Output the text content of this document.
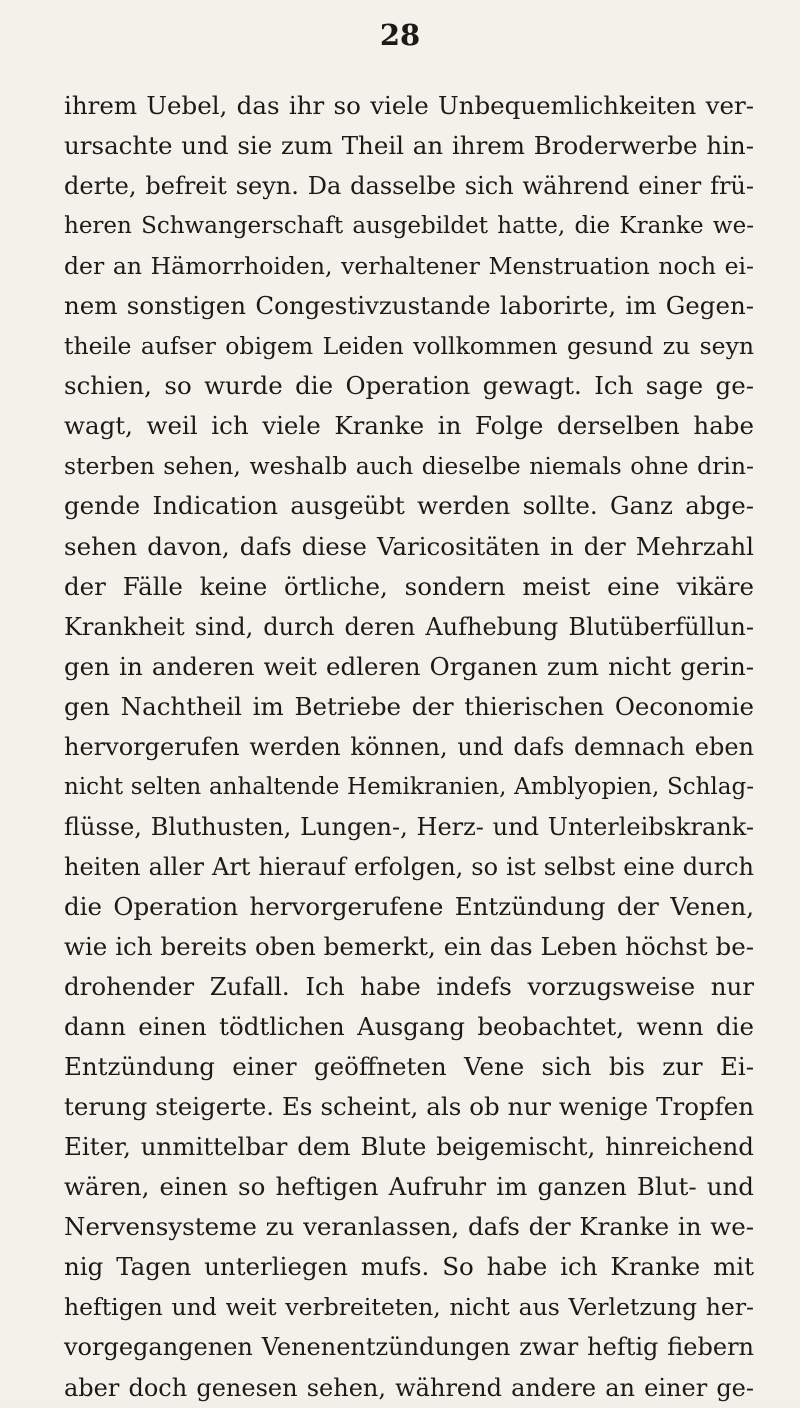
28
ihrem Uebel, das ihr so viele Unbequemlichkeiten ver-
ursachte und sie zum Theil an ihrem Broderwerbe hin-
derte, befreit seyn. Da dasselbe sich während einer frü-
heren Schwangerschaft ausgebildet hatte, die Kranke we-
der an Hämorrhoiden, verhaltener Menstruation noch ei-
nem sonstigen Congestivzustande laborirte, im Gegen-
theile aufser obigem Leiden vollkommen gesund zu seyn
schien, so wurde die Operation gewagt. Ich sage ge-
wagt, weil ich viele Kranke in Folge derselben habe
sterben sehen, weshalb auch dieselbe niemals ohne drin-
gende Indication ausgeübt werden sollte. Ganz abge-
sehen davon, dafs diese Varicositäten in der Mehrzahl
der Fälle keine örtliche, sondern meist eine vikäre
Krankheit sind, durch deren Aufhebung Blutüberfüllun-
gen in anderen weit edleren Organen zum nicht gerin-
gen Nachtheil im Betriebe der thierischen Oeconomie
hervorgerufen werden können, und dafs demnach eben
nicht selten anhaltende Hemikranien, Amblyopien, Schlag-
flüsse, Bluthusten, Lungen-, Herz- und Unterleibskrank-
heiten aller Art hierauf erfolgen, so ist selbst eine durch
die Operation hervorgerufene Entzündung der Venen,
wie ich bereits oben bemerkt, ein das Leben höchst be-
drohender Zufall. Ich habe indefs vorzugsweise nur
dann einen tödtlichen Ausgang beobachtet, wenn die
Entzündung einer geöffneten Vene sich bis zur Ei-
terung steigerte. Es scheint, als ob nur wenige Tropfen
Eiter, unmittelbar dem Blute beigemischt, hinreichend
wären, einen so heftigen Aufruhr im ganzen Blut- und
Nervensysteme zu veranlassen, dafs der Kranke in we-
nig Tagen unterliegen mufs. So habe ich Kranke mit
heftigen und weit verbreiteten, nicht aus Verletzung her-
vorgegangenen Venenentzündungen zwar heftig fiebern
aber doch genesen sehen, während andere an einer ge-
